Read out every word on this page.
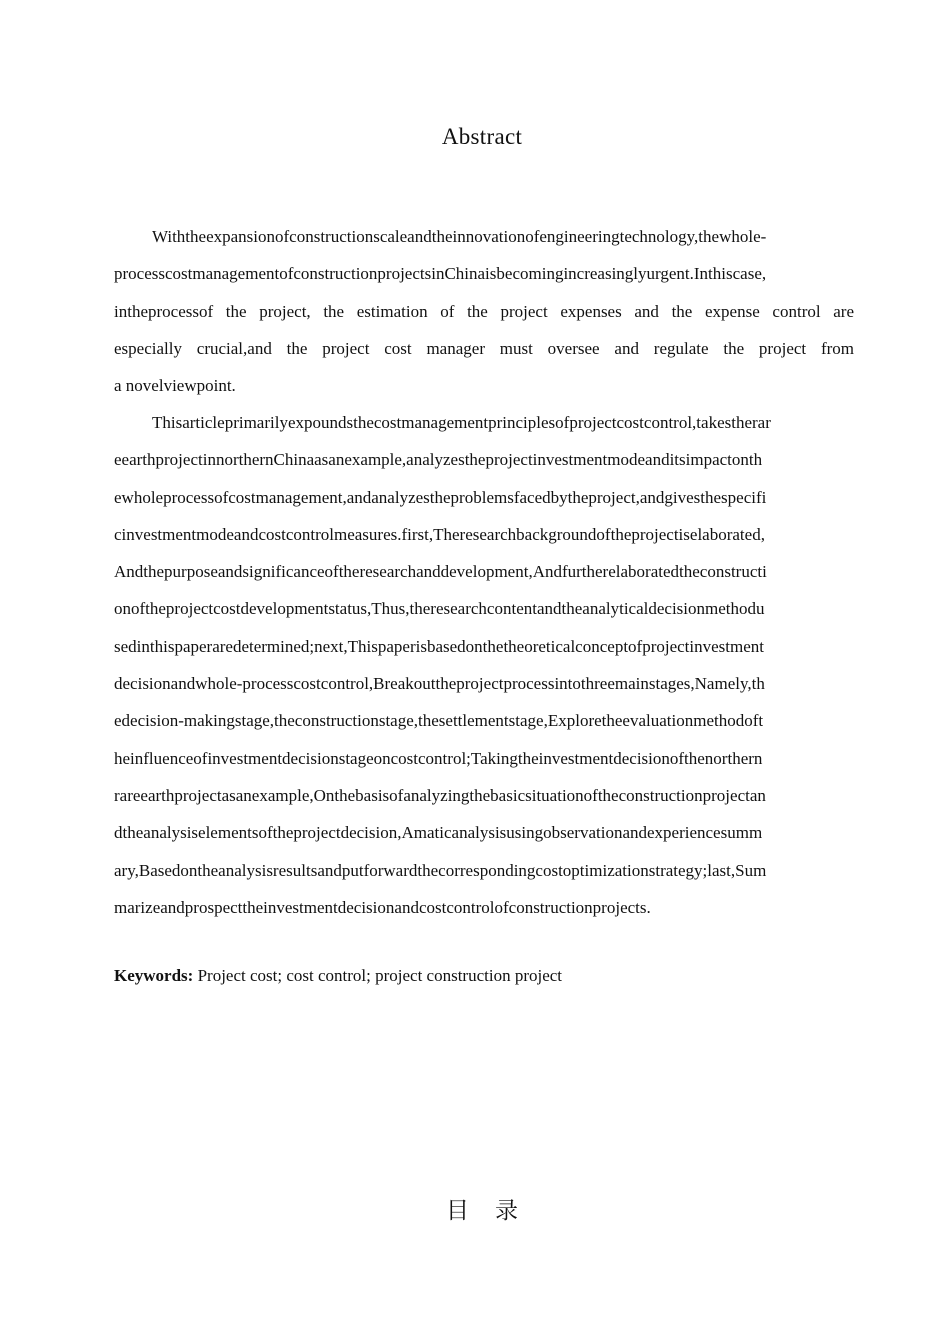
Abstract
Withtheexpansionofconstructionscaleandtheinnovationofengineeringtechnology,thewhole-
processcostmanagementofconstructionprojectsinChinaisbecomingincreasinglyurgent.Inthiscase,
intheprocessof the project, the estimation of the project expenses and the expense control are
especially crucial,and the project cost manager must oversee and regulate the project from
a novelviewpoint.
Thisarticleprimarilyexpoundsthecostmanagementprinciplesofprojectcostcontrol,takestherar
eearthprojectinnorthernChinaasanexample,analyzestheprojectinvestmentmodeanditsimpactonth
ewholeprocessofcostmanagement,andanalyzestheproblemsfacedbytheproject,andgivesthespecifi
cinvestmentmodeandcostcontrolmeasures.first,Theresearchbackgroundoftheprojectiselaborated,
Andthepurposeandsignificanceoftheresearchanddevelopment,Andfurtherelaboratedtheconstructi
onoftheprojectcostdevelopmentstatus,Thus,theresearchcontentandtheanalyticaldecisionmethodu
sedinthispaperaredetermined;next,Thispaperisbasedonthetheoreticalconceptofprojectinvestment
decisionandwhole-processcostcontrol,Breakouttheprojectprocessintothreemainstages,Namely,th
edecision-makingstage,theconstructionstage,thesettlementstage,Exploretheevaluationmethodoft
heinfluenceofinvestmentdecisionstageoncostcontrol;Takingtheinvestmentdecisionofthenorthern
rareearthprojectasanexample,Onthebasisofanalyzingthebasicsituationoftheconstructionprojectan
dtheanalysiselementsoftheprojectdecision,Amaticanalysisusingobservationandexperiencesumm
ary,Basedontheanalysisresultsandputforwardthecorrespondingcostoptimizationstrategy;last,Sum
marizeandprospecttheinvestmentdecisionandcostcontrolofconstructionprojects.
Keywords: Project cost; cost control; project construction project
目录
